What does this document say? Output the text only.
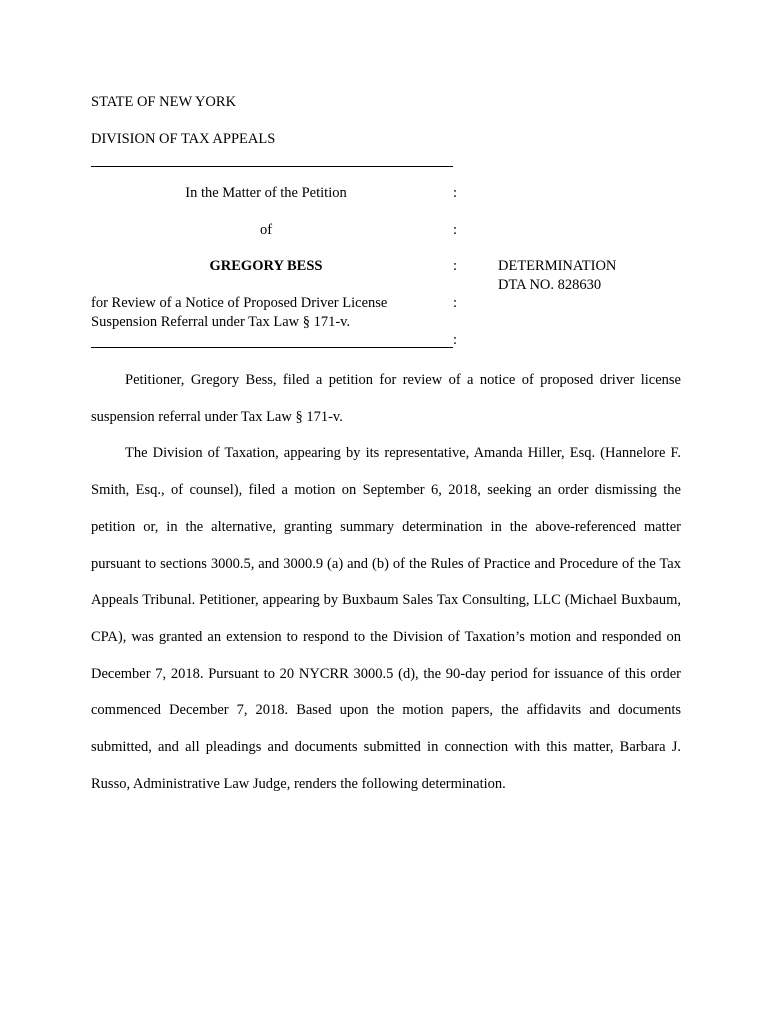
STATE OF NEW YORK
DIVISION OF TAX APPEALS
In the Matter of the Petition	:
of	:
GREGORY BESS	:	DETERMINATION
DTA NO. 828630
for Review of a Notice of Proposed Driver License	:
Suspension Referral under Tax Law § 171-v.
:

Petitioner, Gregory Bess, filed a petition for review of a notice of proposed driver license suspension referral under Tax Law § 171-v.

The Division of Taxation, appearing by its representative, Amanda Hiller, Esq. (Hannelore F. Smith, Esq., of counsel), filed a motion on September 6, 2018, seeking an order dismissing the petition or, in the alternative, granting summary determination in the above-referenced matter pursuant to sections 3000.5, and 3000.9 (a) and (b) of the Rules of Practice and Procedure of the Tax Appeals Tribunal. Petitioner, appearing by Buxbaum Sales Tax Consulting, LLC (Michael Buxbaum, CPA), was granted an extension to respond to the Division of Taxation’s motion and responded on December 7, 2018. Pursuant to 20 NYCRR 3000.5 (d), the 90-day period for issuance of this order commenced December 7, 2018. Based upon the motion papers, the affidavits and documents submitted, and all pleadings and documents submitted in connection with this matter, Barbara J. Russo, Administrative Law Judge, renders the following determination.
